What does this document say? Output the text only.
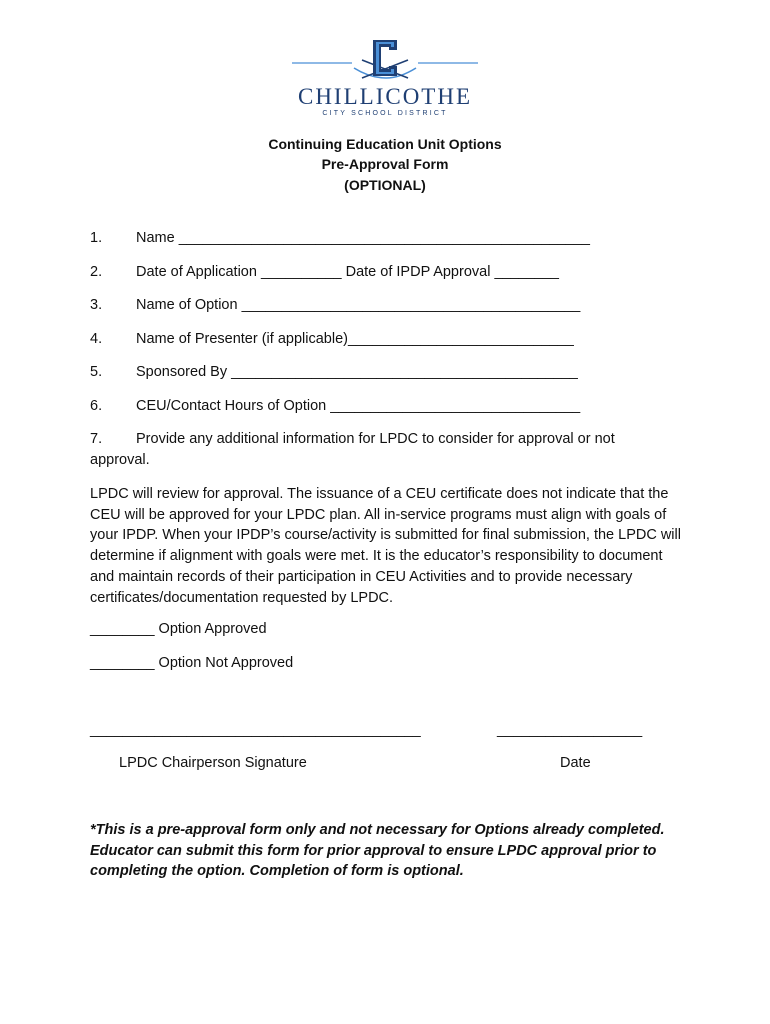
CHILLICOTHE
CITY SCHOOL DISTRICT
Continuing Education Unit Options
Pre-Approval Form
(OPTIONAL)
1. Name ___________________________________________________
2. Date of Application __________ Date of IPDP Approval ________
3. Name of Option __________________________________________
4. Name of Presenter (if applicable)____________________________
5. Sponsored By ___________________________________________
6. CEU/Contact Hours of Option _______________________________
7. Provide any additional information for LPDC to consider for approval or not
approval.
LPDC will review for approval. The issuance of a CEU certificate does not indicate that the CEU will be approved for your LPDC plan. All in-service programs must align with goals of your IPDP. When your IPDP’s course/activity is submitted for final submission, the LPDC will determine if alignment with goals were met. It is the educator’s responsibility to document and maintain records of their participation in CEU Activities and to provide necessary certificates/documentation requested by LPDC.
________ Option Approved
________ Option Not Approved
_________________________________________	__________________
LPDC Chairperson Signature	Date
*This is a pre-approval form only and not necessary for Options already completed. Educator can submit this form for prior approval to ensure LPDC approval prior to completing the option. Completion of form is optional.
